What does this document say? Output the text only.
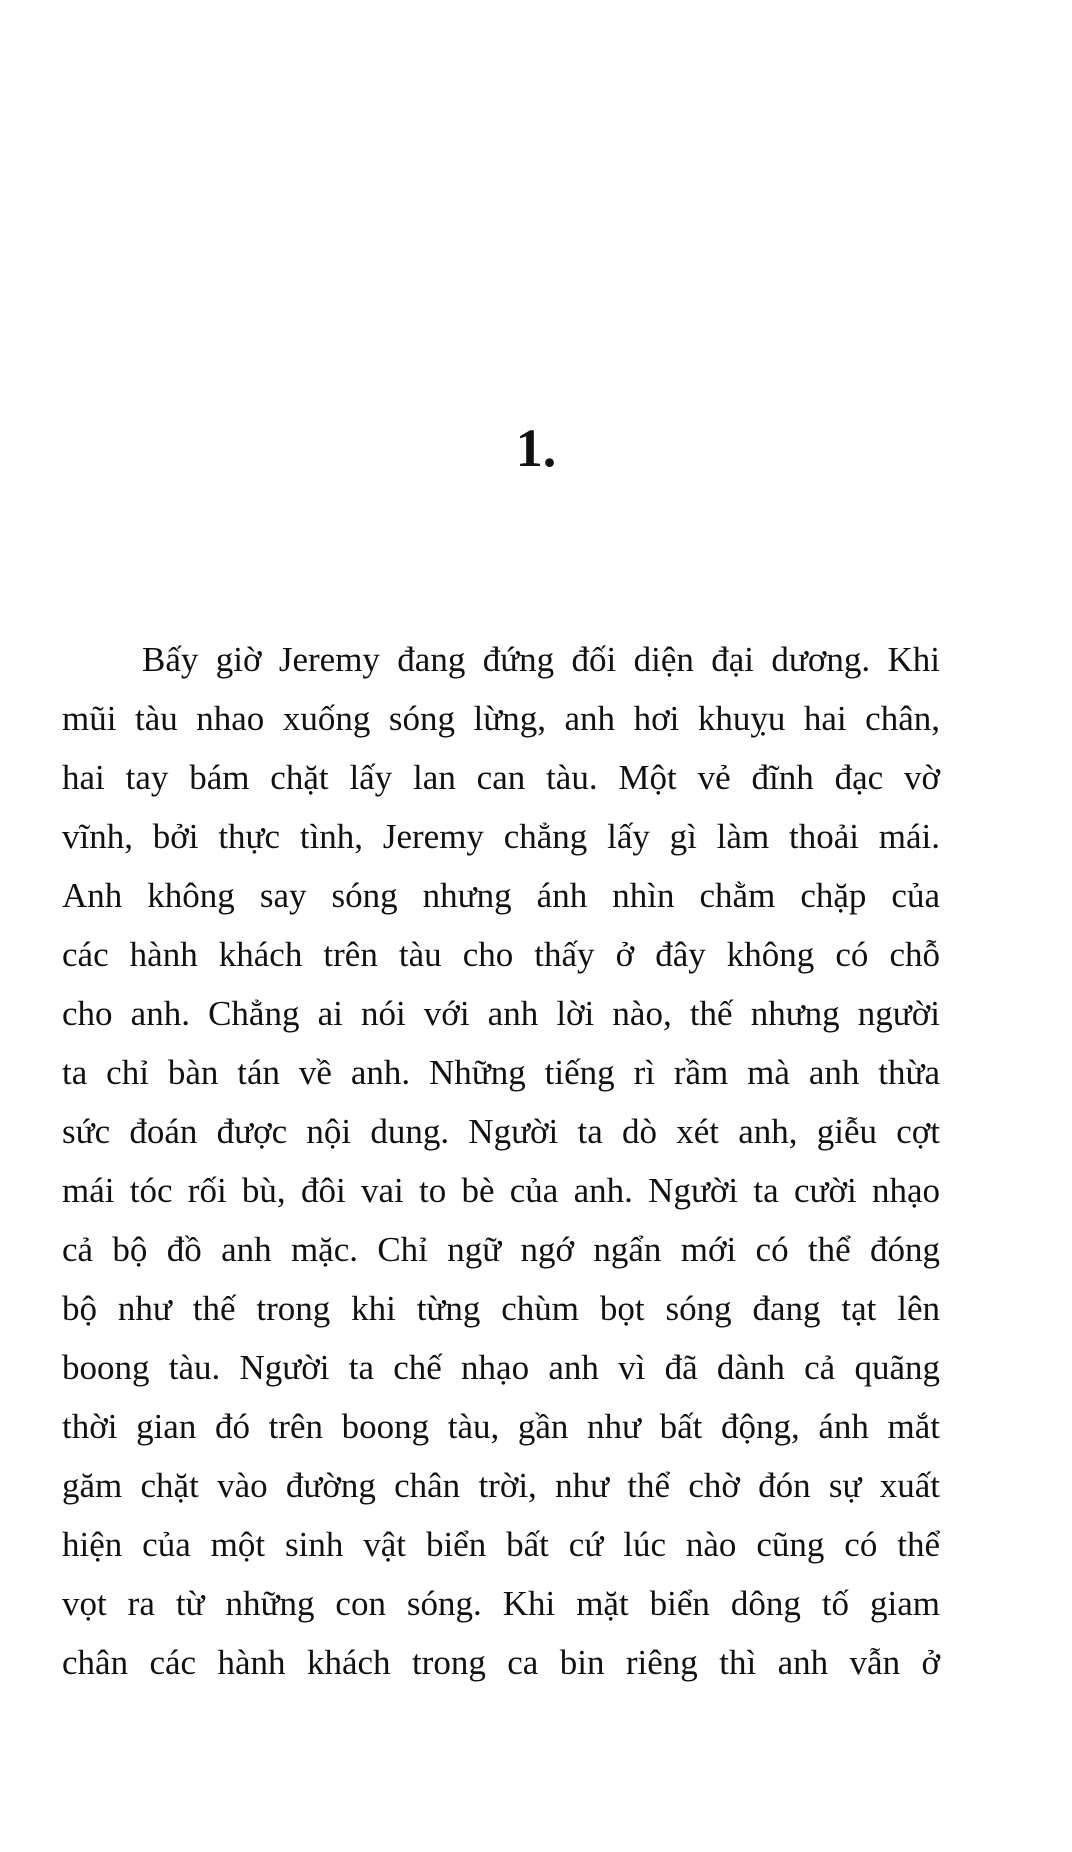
1.
Bấy giờ Jeremy đang đứng đối diện đại dương. Khi
mũi tàu nhao xuống sóng lừng, anh hơi khuỵu hai chân,
hai tay bám chặt lấy lan can tàu. Một vẻ đĩnh đạc vờ
vĩnh, bởi thực tình, Jeremy chẳng lấy gì làm thoải mái.
Anh không say sóng nhưng ánh nhìn chằm chặp của
các hành khách trên tàu cho thấy ở đây không có chỗ
cho anh. Chẳng ai nói với anh lời nào, thế nhưng người
ta chỉ bàn tán về anh. Những tiếng rì rầm mà anh thừa
sức đoán được nội dung. Người ta dò xét anh, giễu cợt
mái tóc rối bù, đôi vai to bè của anh. Người ta cười nhạo
cả bộ đồ anh mặc. Chỉ ngữ ngớ ngẩn mới có thể đóng
bộ như thế trong khi từng chùm bọt sóng đang tạt lên
boong tàu. Người ta chế nhạo anh vì đã dành cả quãng
thời gian đó trên boong tàu, gần như bất động, ánh mắt
găm chặt vào đường chân trời, như thể chờ đón sự xuất
hiện của một sinh vật biển bất cứ lúc nào cũng có thể
vọt ra từ những con sóng. Khi mặt biển dông tố giam
chân các hành khách trong ca bin riêng thì anh vẫn ở
